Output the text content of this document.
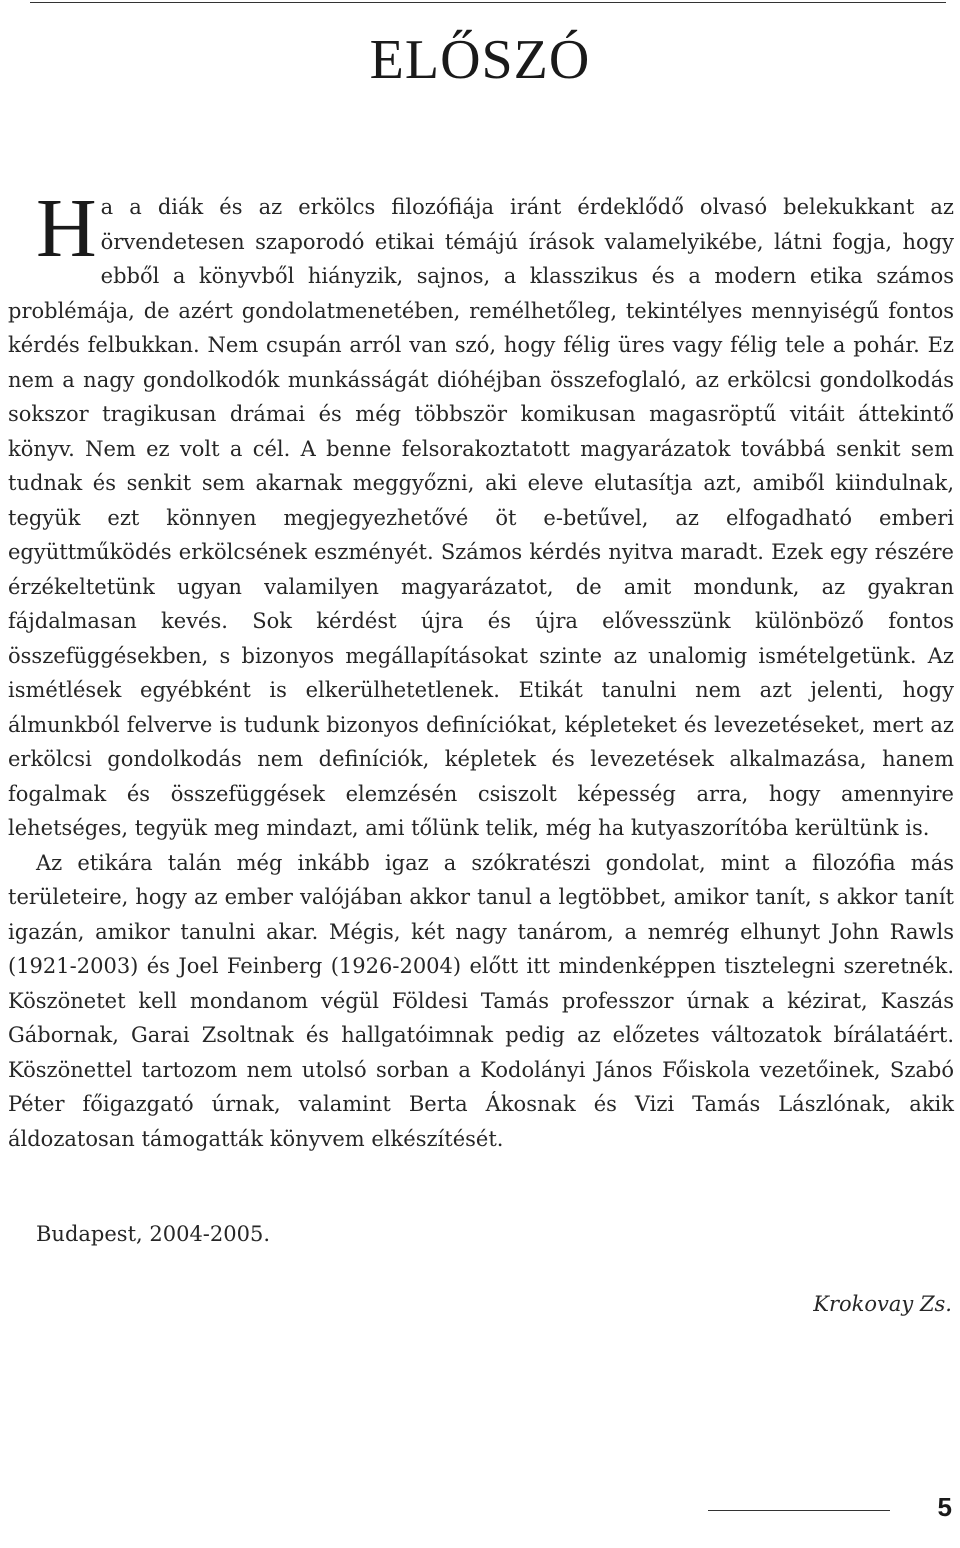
ELŐSZÓ

Ha a diák és az erkölcs filozófiája iránt érdeklődő olvasó belekukkant az örvendetesen szaporodó etikai témájú írások valamelyikébe, látni fogja, hogy ebből a könyvből hiányzik, sajnos, a klasszikus és a modern etika számos problémája, de azért gondolatmenetében, remélhetőleg, tekintélyes mennyiségű fontos kérdés felbukkan. Nem csupán arról van szó, hogy félig üres vagy félig tele a pohár. Ez nem a nagy gondolkodók munkásságát dióhéjban összefoglaló, az erkölcsi gondolkodás sokszor tragikusan drámai és még többször komikusan magasröptű vitáit áttekintő könyv. Nem ez volt a cél. A benne felsorakoztatott magyarázatok továbbá senkit sem tudnak és senkit sem akarnak meggyőzni, aki eleve elutasítja azt, amiből kiindulnak, tegyük ezt könnyen megjegyezhetővé öt e-betűvel, az elfogadható emberi együttműködés erkölcsének eszményét. Számos kérdés nyitva maradt. Ezek egy részére érzékeltetünk ugyan valamilyen magyarázatot, de amit mondunk, az gyakran fájdalmasan kevés. Sok kérdést újra és újra elővesszünk különböző fontos összefüggésekben, s bizonyos megállapításokat szinte az unalomig ismételgetünk. Az ismétlések egyébként is elkerülhetetlenek. Etikát tanulni nem azt jelenti, hogy álmunkból felverve is tudunk bizonyos definíciókat, képleteket és levezetéseket, mert az erkölcsi gondolkodás nem definíciók, képletek és levezetések alkalmazása, hanem fogalmak és összefüggések elemzésén csiszolt képesség arra, hogy amennyire lehetséges, tegyük meg mindazt, ami tőlünk telik, még ha kutyaszorítóba kerültünk is.

Az etikára talán még inkább igaz a szókratészi gondolat, mint a filozófia más területeire, hogy az ember valójában akkor tanul a legtöbbet, amikor tanít, s akkor tanít igazán, amikor tanulni akar. Mégis, két nagy tanárom, a nemrég elhunyt John Rawls (1921-2003) és Joel Feinberg (1926-2004) előtt itt mindenképpen tisztelegni szeretnék. Köszönetet kell mondanom végül Földesi Tamás professzor úrnak a kézirat, Kaszás Gábornak, Garai Zsoltnak és hallgatóimnak pedig az előzetes változatok bírálatáért. Köszönettel tartozom nem utolsó sorban a Kodolányi János Főiskola vezetőinek, Szabó Péter főigazgató úrnak, valamint Berta Ákosnak és Vizi Tamás Lászlónak, akik áldozatosan támogatták könyvem elkészítését.

Budapest, 2004-2005.
Krokovay Zs.
5
